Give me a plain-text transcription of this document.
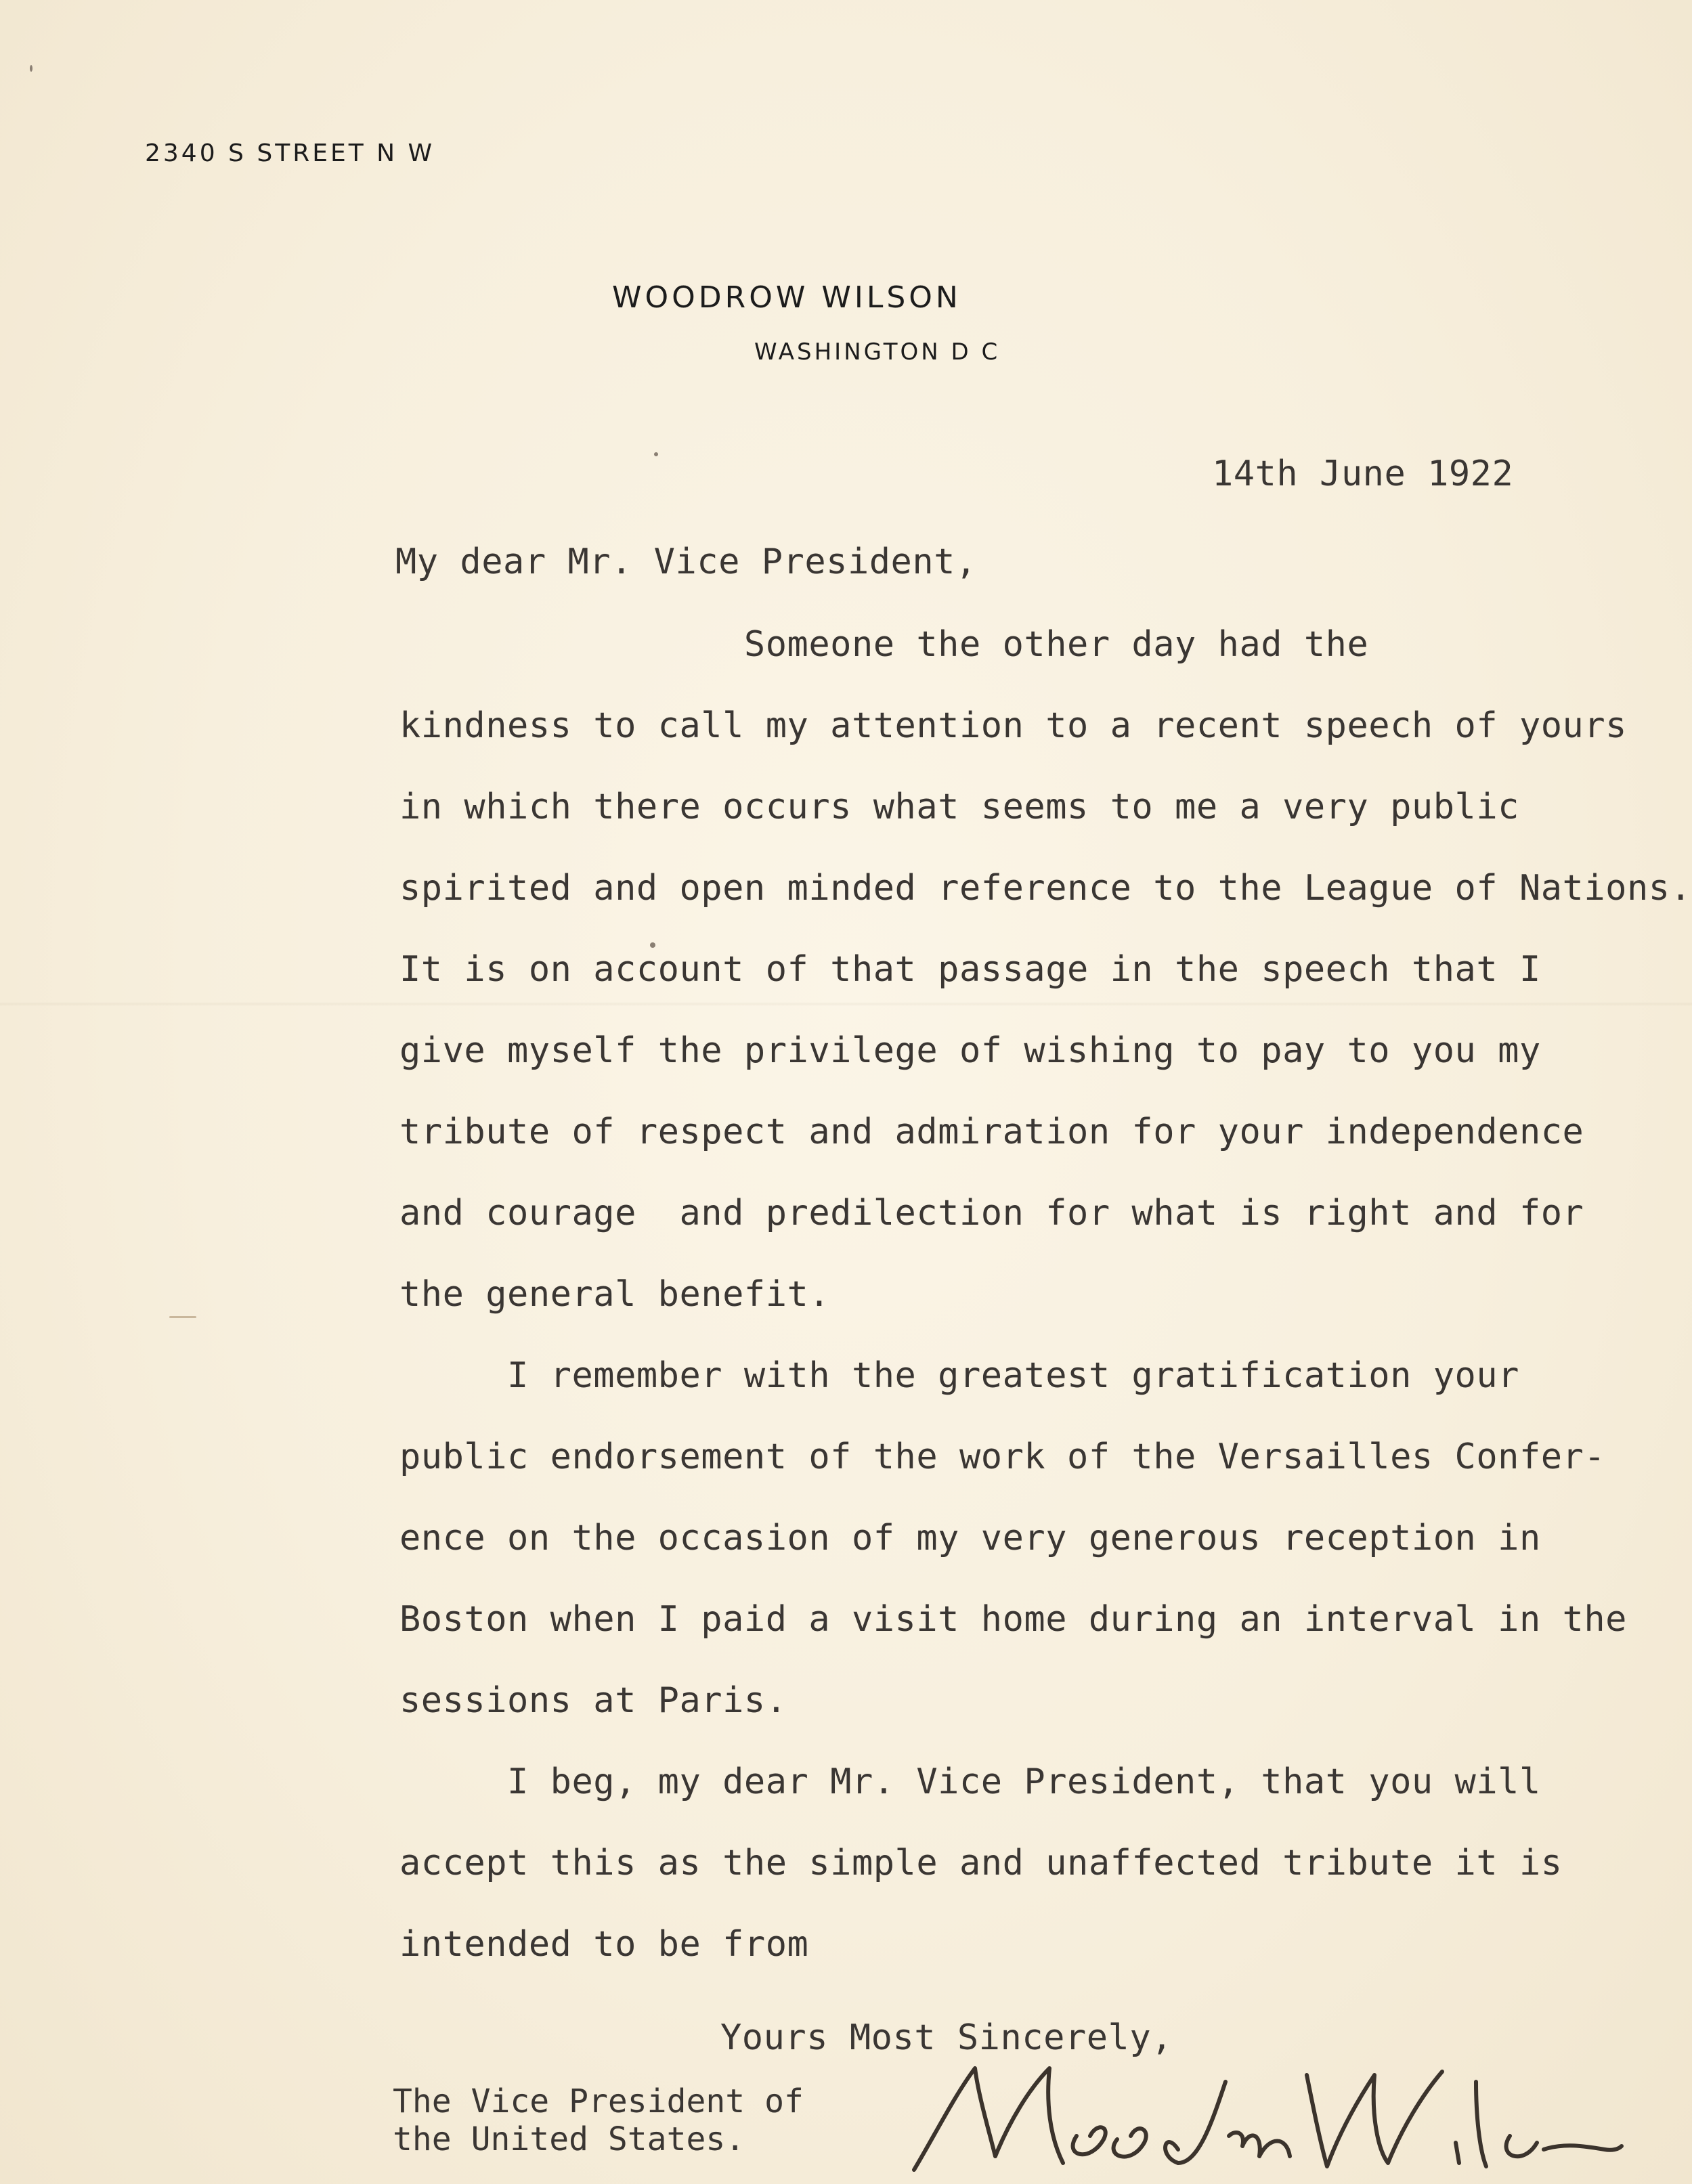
2340 S STREET N W
WOODROW WILSON
WASHINGTON D C
14th June 1922
My dear Mr. Vice President,
Someone the other day had the
kindness to call my attention to a recent speech of yours
in which there occurs what seems to me a very public
spirited and open minded reference to the League of Nations.
It is on account of that passage in the speech that I
give myself the privilege of wishing to pay to you my
tribute of respect and admiration for your independence
and courage  and predilection for what is right and for
the general benefit.
I remember with the greatest gratification your
public endorsement of the work of the Versailles Confer-
ence on the occasion of my very generous reception in
Boston when I paid a visit home during an interval in the
sessions at Paris.
I beg, my dear Mr. Vice President, that you will
accept this as the simple and unaffected tribute it is
intended to be from
Yours Most Sincerely,
The Vice President of
the United States.
